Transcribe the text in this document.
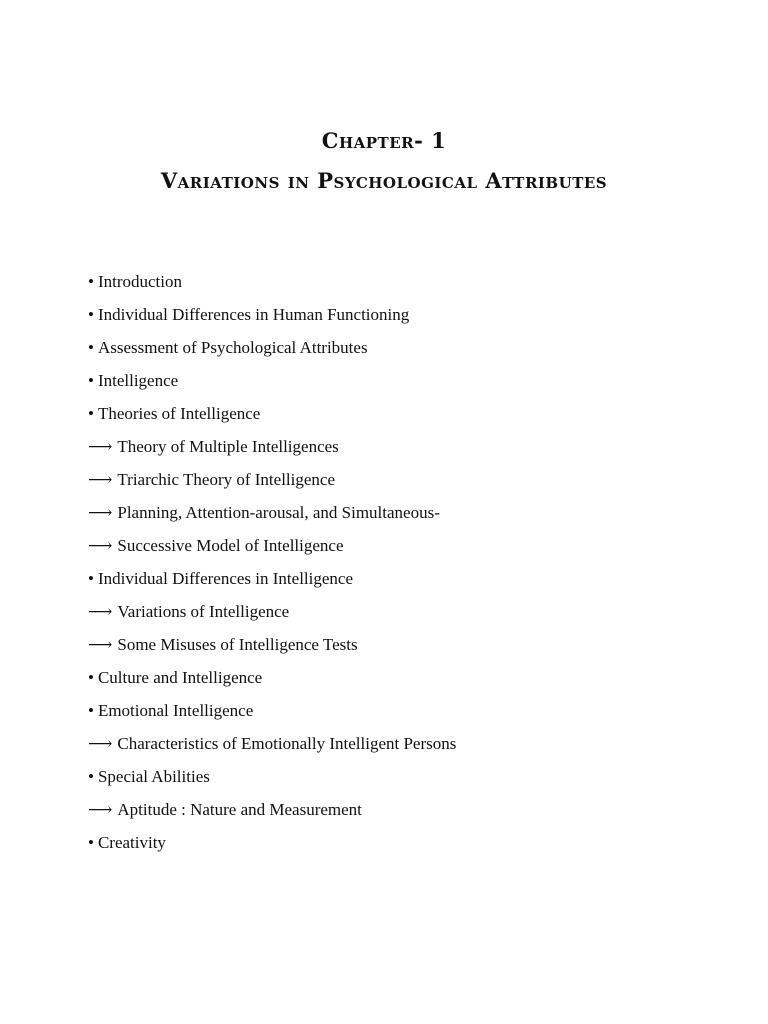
Chapter- 1
Variations in Psychological Attributes
• Introduction
• Individual Differences in Human Functioning
• Assessment of Psychological Attributes
• Intelligence
• Theories of Intelligence
⟶ Theory of Multiple Intelligences
⟶ Triarchic Theory of Intelligence
⟶ Planning, Attention-arousal, and Simultaneous-
⟶ Successive Model of Intelligence
• Individual Differences in Intelligence
⟶ Variations of Intelligence
⟶ Some Misuses of Intelligence Tests
• Culture and Intelligence
• Emotional Intelligence
⟶ Characteristics of Emotionally Intelligent Persons
• Special Abilities
⟶ Aptitude : Nature and Measurement
• Creativity
